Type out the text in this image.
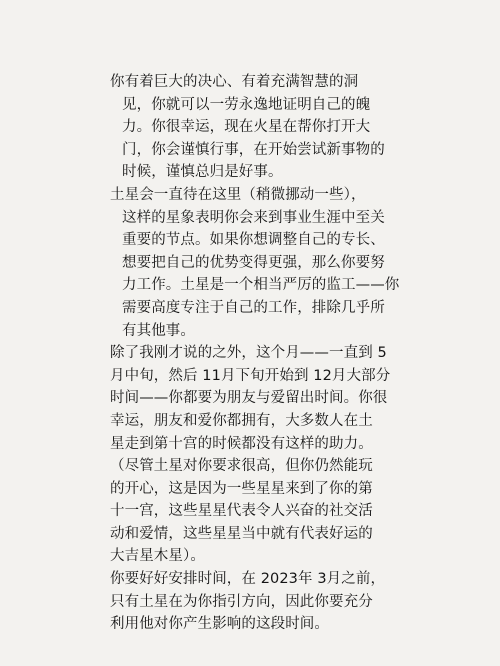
你有着巨大的决心、有着充满智慧的洞
见，你就可以一劳永逸地证明自己的魄
力。你很幸运，现在火星在帮你打开大
门，你会谨慎行事，在开始尝试新事物的
时候，谨慎总归是好事。
土星会一直待在这里（稍微挪动一些），
这样的星象表明你会来到事业生涯中至关
重要的节点。如果你想调整自己的专长、
想要把自己的优势变得更强，那么你要努
力工作。土星是一个相当严厉的监工——你
需要高度专注于自己的工作，排除几乎所
有其他事。
除了我刚才说的之外，这个月——一直到 5
月中旬，然后 11月下旬开始到 12月大部分
时间——你都要为朋友与爱留出时间。你很
幸运，朋友和爱你都拥有，大多数人在土
星走到第十宫的时候都没有这样的助力。
（尽管土星对你要求很高，但你仍然能玩
的开心，这是因为一些星星来到了你的第
十一宫，这些星星代表令人兴奋的社交活
动和爱情，这些星星当中就有代表好运的
大吉星木星）。
你要好好安排时间，在 2023年 3月之前，
只有土星在为你指引方向，因此你要充分
利用他对你产生影响的这段时间。
